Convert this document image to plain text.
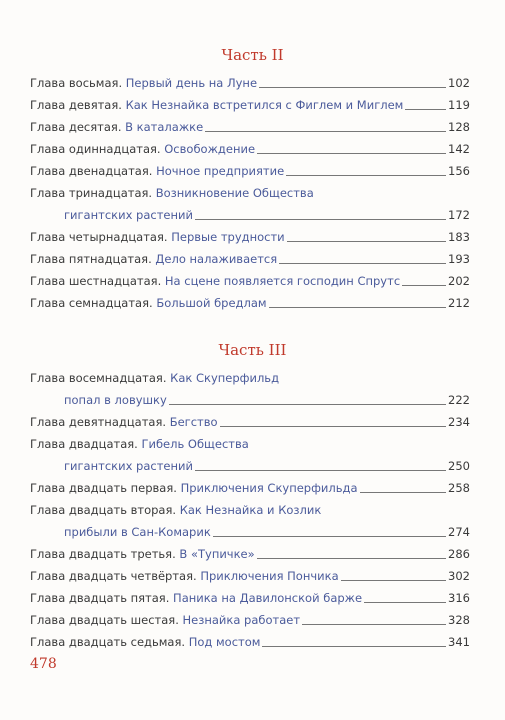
Часть II
Глава восьмая. Первый день на Луне	102
Глава девятая. Как Незнайка встретился с Фиглем и Миглем	119
Глава десятая. В каталажке	128
Глава одиннадцатая. Освобождение	142
Глава двенадцатая. Ночное предприятие	156
Глава тринадцатая. Возникновение Общества
гигантских растений	172
Глава четырнадцатая. Первые трудности	183
Глава пятнадцатая. Дело налаживается	193
Глава шестнадцатая. На сцене появляется господин Спрутс	202
Глава семнадцатая. Большой бредлам	212
Часть III
Глава восемнадцатая. Как Скуперфильд
попал в ловушку	222
Глава девятнадцатая. Бегство	234
Глава двадцатая. Гибель Общества
гигантских растений	250
Глава двадцать первая. Приключения Скуперфильда	258
Глава двадцать вторая. Как Незнайка и Козлик
прибыли в Сан-Комарик	274
Глава двадцать третья. В «Тупичке»	286
Глава двадцать четвёртая. Приключения Пончика	302
Глава двадцать пятая. Паника на Давилонской барже	316
Глава двадцать шестая. Незнайка работает	328
Глава двадцать седьмая. Под мостом	341
478
